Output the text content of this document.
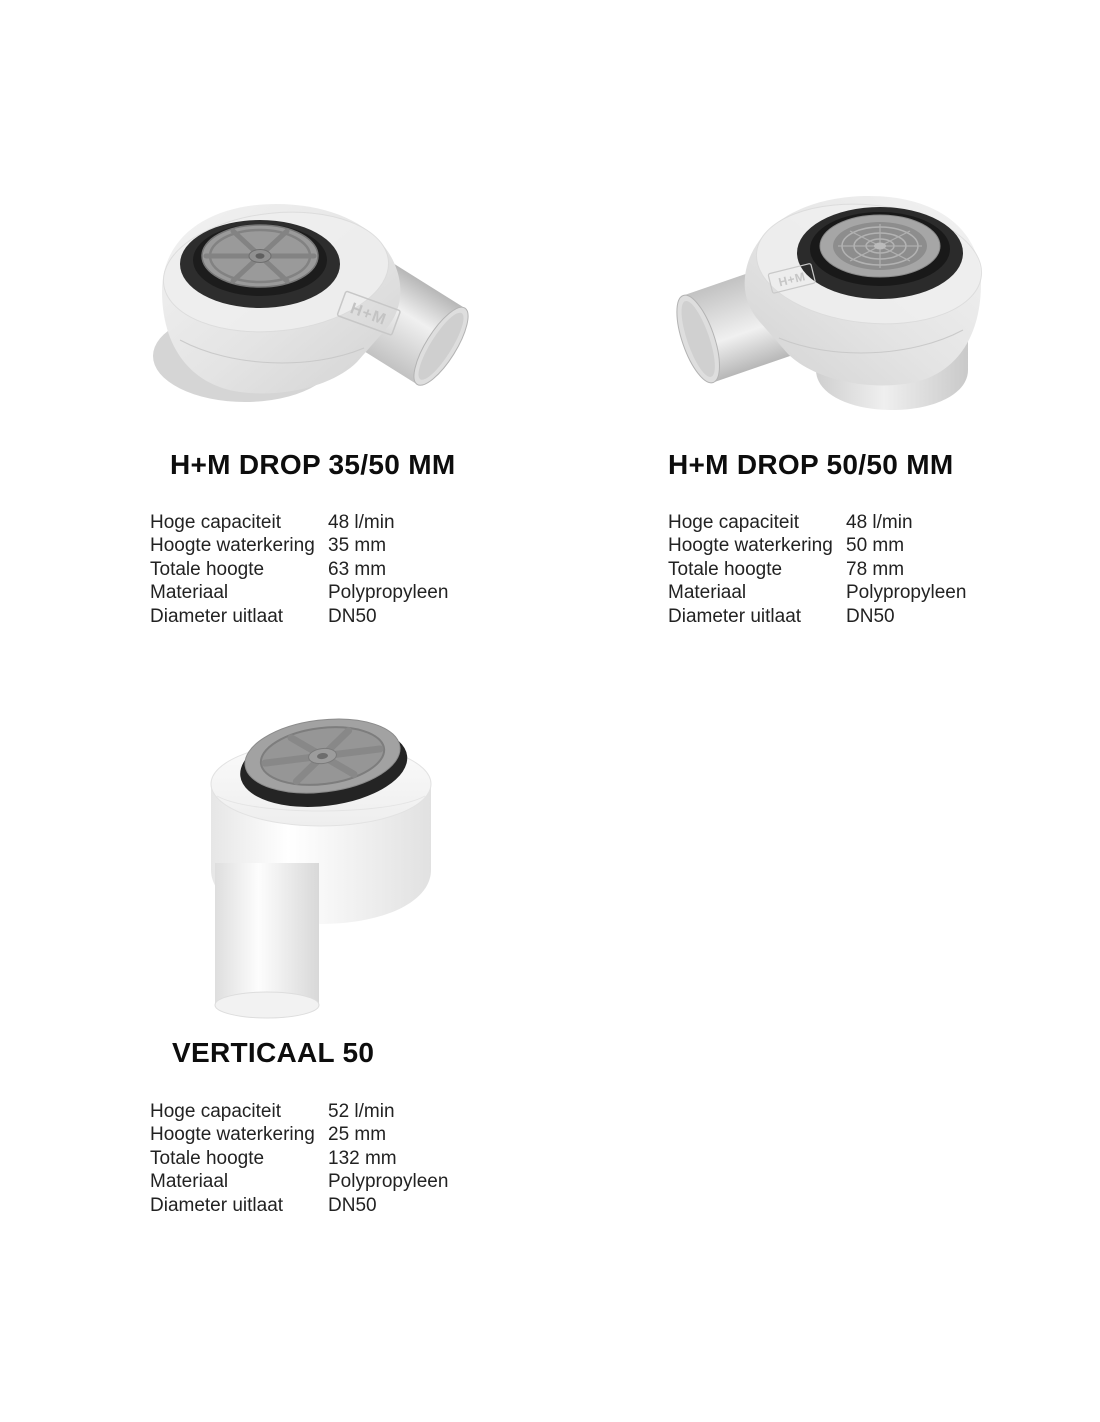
H+M
H+M DROP 35/50 MM
Hoge capaciteit	48 l/min
Hoogte waterkering 35 mm
Totale hoogte	63 mm
Materiaal	Polypropyleen
Diameter uitlaat	DN50
H+M
H+M DROP 50/50 MM
Hoge capaciteit	48 l/min
Hoogte waterkering 50 mm
Totale hoogte	78 mm
Materiaal	Polypropyleen
Diameter uitlaat	DN50
VERTICAAL 50
Hoge capaciteit	52 l/min
Hoogte waterkering 25 mm
Totale hoogte	132 mm
Materiaal	Polypropyleen
Diameter uitlaat	DN50
